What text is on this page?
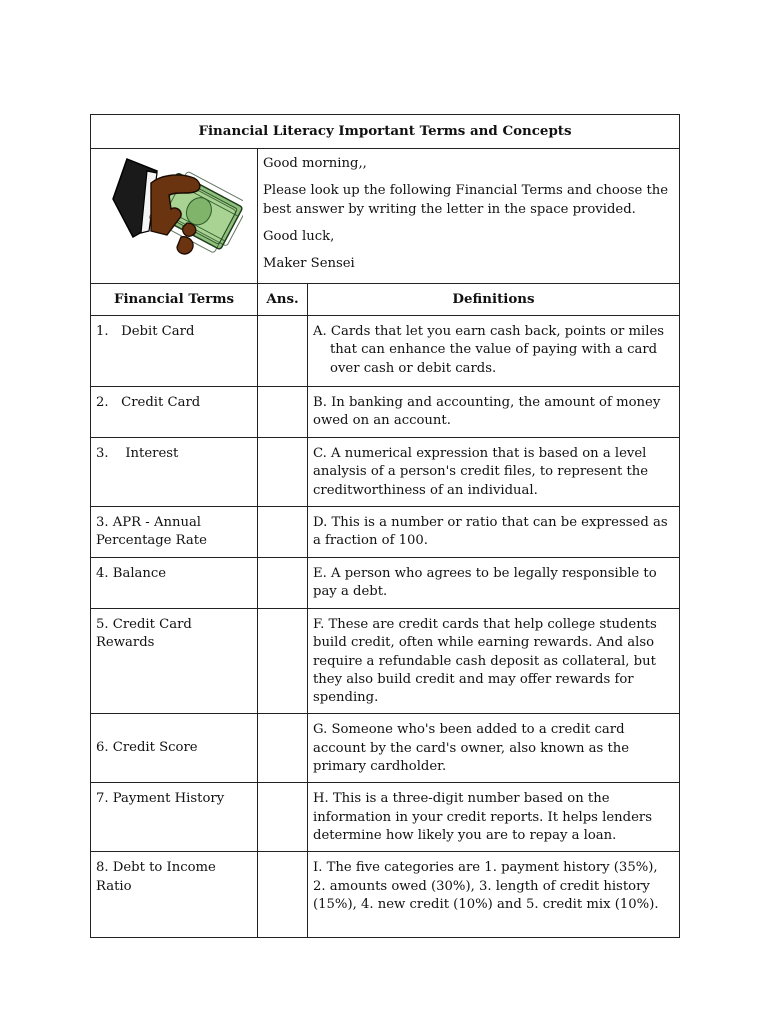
Financial Literacy Important Terms and Concepts		

Good morning,,

Please look up the following Financial Terms and choose the best answer by writing the letter in the space provided.

Good luck,

Maker Sensei	

Financial Terms	Ans.	Definitions
1.   Debit Card		A. Cards that let you earn cash back, points or miles that can enhance the value of paying with a card over cash or debit cards.

2.   Credit Card		B. In banking and accounting, the amount of money owed on an account.
3.    Interest		C. A numerical expression that is based on a level analysis of a person's credit files, to represent the creditworthiness of an individual.
3. APR - Annual Percentage Rate		D. This is a number or ratio that can be expressed as a fraction of 100.
4. Balance		E. A person who agrees to be legally responsible to pay a debt.
5. Credit Card Rewards		F. These are credit cards that help college students build credit, often while earning rewards. And also require a refundable cash deposit as collateral, but they also build credit and may offer rewards for spending.
6. Credit Score		G. Someone who's been added to a credit card account by the card's owner, also known as the primary cardholder.
7. Payment History		H. This is a three-digit number based on the information in your credit reports. It helps lenders determine how likely you are to repay a loan.
8. Debt to Income Ratio		I. The five categories are 1. payment history (35%), 2. amounts owed (30%), 3. length of credit history (15%), 4. new credit (10%) and 5. credit mix (10%).
